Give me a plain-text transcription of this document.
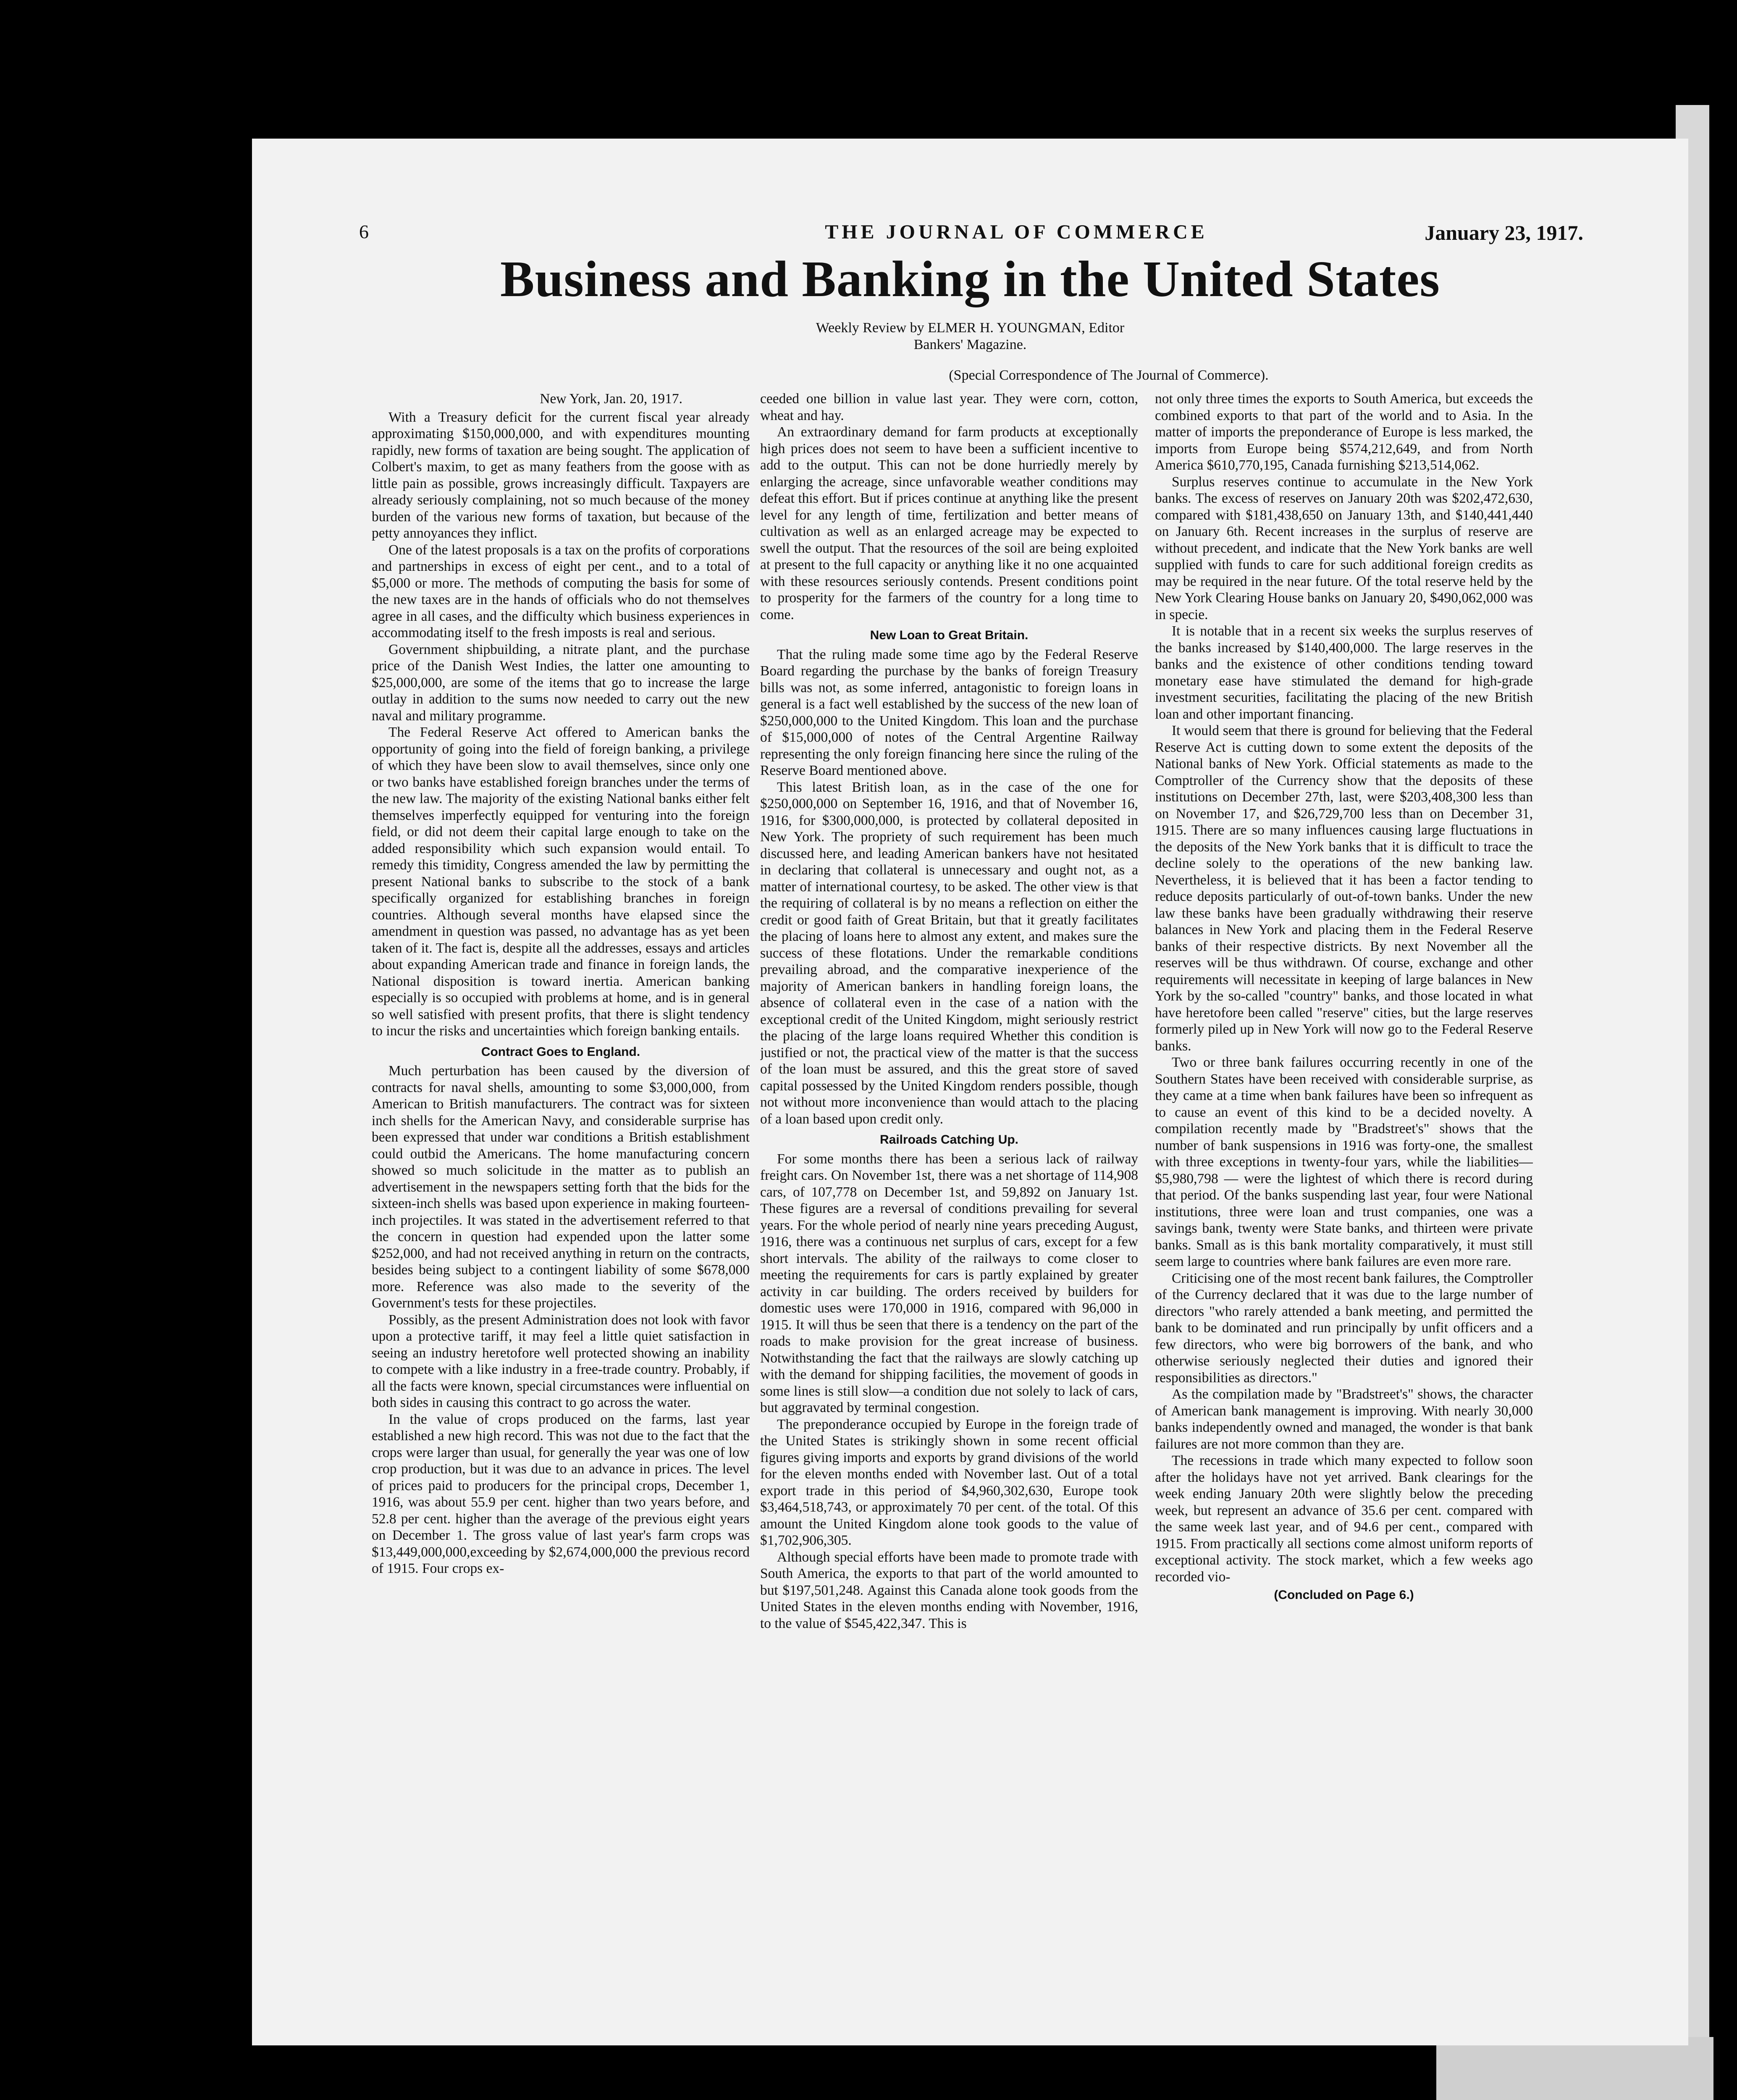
6	THE JOURNAL OF COMMERCE	January 23, 1917.
Business and Banking in the United States
Weekly Review by ELMER H. YOUNGMAN, Editor
Bankers' Magazine.
(Special Correspondence of The Journal of Commerce).

New York, Jan. 20, 1917.

With a Treasury deficit for the current fiscal year already approximating $150,000,000, and with expenditures mounting rapidly, new forms of taxation are being sought. The application of Colbert's maxim, to get as many feathers from the goose with as little pain as possible, grows increasingly difficult. Taxpayers are already seriously complaining, not so much because of the money burden of the various new forms of taxation, but because of the petty annoyances they inflict.

One of the latest proposals is a tax on the profits of corporations and partnerships in excess of eight per cent., and to a total of $5,000 or more. The methods of computing the basis for some of the new taxes are in the hands of officials who do not themselves agree in all cases, and the difficulty which business experiences in accommodating itself to the fresh imposts is real and serious.

Government shipbuilding, a nitrate plant, and the purchase price of the Danish West Indies, the latter one amounting to $25,000,000, are some of the items that go to increase the large outlay in addition to the sums now needed to carry out the new naval and military programme.

The Federal Reserve Act offered to American banks the opportunity of going into the field of foreign banking, a privilege of which they have been slow to avail themselves, since only one or two banks have established foreign branches under the terms of the new law. The majority of the existing National banks either felt themselves imperfectly equipped for venturing into the foreign field, or did not deem their capital large enough to take on the added responsibility which such expansion would entail. To remedy this timidity, Congress amended the law by permitting the present National banks to subscribe to the stock of a bank specifically organized for establishing branches in foreign countries. Although several months have elapsed since the amendment in question was passed, no advantage has as yet been taken of it. The fact is, despite all the addresses, essays and articles about expanding American trade and finance in foreign lands, the National disposition is toward inertia. American banking especially is so occupied with problems at home, and is in general so well satisfied with present profits, that there is slight tendency to incur the risks and uncertainties which foreign banking entails.

Contract Goes to England.

Much perturbation has been caused by the diversion of contracts for naval shells, amounting to some $3,000,000, from American to British manufacturers. The contract was for sixteen inch shells for the American Navy, and considerable surprise has been expressed that under war conditions a British establishment could outbid the Americans. The home manufacturing concern showed so much solicitude in the matter as to publish an advertisement in the newspapers setting forth that the bids for the sixteen-inch shells was based upon experience in making fourteen-inch projectiles. It was stated in the advertisement referred to that the concern in question had expended upon the latter some $252,000, and had not received anything in return on the contracts, besides being subject to a contingent liability of some $678,000 more. Reference was also made to the severity of the Government's tests for these projectiles.

Possibly, as the present Administration does not look with favor upon a protective tariff, it may feel a little quiet satisfaction in seeing an industry heretofore well protected showing an inability to compete with a like industry in a free-trade country. Probably, if all the facts were known, special circumstances were influential on both sides in causing this contract to go across the water.

In the value of crops produced on the farms, last year established a new high record. This was not due to the fact that the crops were larger than usual, for generally the year was one of low crop production, but it was due to an advance in prices. The level of prices paid to producers for the principal crops, December 1, 1916, was about 55.9 per cent. higher than two years before, and 52.8 per cent. higher than the average of the previous eight years on December 1. The gross value of last year's farm crops was $13,449,000,000,exceeding by $2,674,000,000 the previous record of 1915. Four crops ex-

ceeded one billion in value last year. They were corn, cotton, wheat and hay.

An extraordinary demand for farm products at exceptionally high prices does not seem to have been a sufficient incentive to add to the output. This can not be done hurriedly merely by enlarging the acreage, since unfavorable weather conditions may defeat this effort. But if prices continue at anything like the present level for any length of time, fertilization and better means of cultivation as well as an enlarged acreage may be expected to swell the output. That the resources of the soil are being exploited at present to the full capacity or anything like it no one acquainted with these resources seriously contends. Present conditions point to prosperity for the farmers of the country for a long time to come.

New Loan to Great Britain.

That the ruling made some time ago by the Federal Reserve Board regarding the purchase by the banks of foreign Treasury bills was not, as some inferred, antagonistic to foreign loans in general is a fact well established by the success of the new loan of $250,000,000 to the United Kingdom. This loan and the purchase of $15,000,000 of notes of the Central Argentine Railway representing the only foreign financing here since the ruling of the Reserve Board mentioned above.

This latest British loan, as in the case of the one for $250,000,000 on September 16, 1916, and that of November 16, 1916, for $300,000,000, is protected by collateral deposited in New York. The propriety of such requirement has been much discussed here, and leading American bankers have not hesitated in declaring that collateral is unnecessary and ought not, as a matter of international courtesy, to be asked. The other view is that the requiring of collateral is by no means a reflection on either the credit or good faith of Great Britain, but that it greatly facilitates the placing of loans here to almost any extent, and makes sure the success of these flotations. Under the remarkable conditions prevailing abroad, and the comparative inexperience of the majority of American bankers in handling foreign loans, the absence of collateral even in the case of a nation with the exceptional credit of the United Kingdom, might seriously restrict the placing of the large loans required Whether this condition is justified or not, the practical view of the matter is that the success of the loan must be assured, and this the great store of saved capital possessed by the United Kingdom renders possible, though not without more inconvenience than would attach to the placing of a loan based upon credit only.

Railroads Catching Up.

For some months there has been a serious lack of railway freight cars. On November 1st, there was a net shortage of 114,908 cars, of 107,778 on December 1st, and 59,892 on January 1st. These figures are a reversal of conditions prevailing for several years. For the whole period of nearly nine years preceding August, 1916, there was a continuous net surplus of cars, except for a few short intervals. The ability of the railways to come closer to meeting the requirements for cars is partly explained by greater activity in car building. The orders received by builders for domestic uses were 170,000 in 1916, compared with 96,000 in 1915. It will thus be seen that there is a tendency on the part of the roads to make provision for the great increase of business. Notwithstanding the fact that the railways are slowly catching up with the demand for shipping facilities, the movement of goods in some lines is still slow—a condition due not solely to lack of cars, but aggravated by terminal congestion.

The preponderance occupied by Europe in the foreign trade of the United States is strikingly shown in some recent official figures giving imports and exports by grand divisions of the world for the eleven months ended with November last. Out of a total export trade in this period of $4,960,302,630, Europe took $3,464,518,743, or approximately 70 per cent. of the total. Of this amount the United Kingdom alone took goods to the value of $1,702,906,305.

Although special efforts have been made to promote trade with South America, the exports to that part of the world amounted to but $197,501,248. Against this Canada alone took goods from the United States in the eleven months ending with November, 1916, to the value of $545,422,347. This is

not only three times the exports to South America, but exceeds the combined exports to that part of the world and to Asia. In the matter of imports the preponderance of Europe is less marked, the imports from Europe being $574,212,649, and from North America $610,770,195, Canada furnishing $213,514,062.

Surplus reserves continue to accumulate in the New York banks. The excess of reserves on January 20th was $202,472,630, compared with $181,438,650 on January 13th, and $140,441,440 on January 6th. Recent increases in the surplus of reserve are without precedent, and indicate that the New York banks are well supplied with funds to care for such additional foreign credits as may be required in the near future. Of the total reserve held by the New York Clearing House banks on January 20, $490,062,000 was in specie.

It is notable that in a recent six weeks the surplus reserves of the banks increased by $140,400,000. The large reserves in the banks and the existence of other conditions tending toward monetary ease have stimulated the demand for high-grade investment securities, facilitating the placing of the new British loan and other important financing.

It would seem that there is ground for believing that the Federal Reserve Act is cutting down to some extent the deposits of the National banks of New York. Official statements as made to the Comptroller of the Currency show that the deposits of these institutions on December 27th, last, were $203,408,300 less than on November 17, and $26,729,700 less than on December 31, 1915. There are so many influences causing large fluctuations in the deposits of the New York banks that it is difficult to trace the decline solely to the operations of the new banking law. Nevertheless, it is believed that it has been a factor tending to reduce deposits particularly of out-of-town banks. Under the new law these banks have been gradually withdrawing their reserve balances in New York and placing them in the Federal Reserve banks of their respective districts. By next November all the reserves will be thus withdrawn. Of course, exchange and other requirements will necessitate in keeping of large balances in New York by the so-called "country" banks, and those located in what have heretofore been called "reserve" cities, but the large reserves formerly piled up in New York will now go to the Federal Reserve banks.

Two or three bank failures occurring recently in one of the Southern States have been received with considerable surprise, as they came at a time when bank failures have been so infrequent as to cause an event of this kind to be a decided novelty. A compilation recently made by "Bradstreet's" shows that the number of bank suspensions in 1916 was forty-one, the smallest with three exceptions in twenty-four yars, while the liabilities—$5,980,798 — were the lightest of which there is record during that period. Of the banks suspending last year, four were National institutions, three were loan and trust companies, one was a savings bank, twenty were State banks, and thirteen were private banks. Small as is this bank mortality comparatively, it must still seem large to countries where bank failures are even more rare.

Criticising one of the most recent bank failures, the Comptroller of the Currency declared that it was due to the large number of directors "who rarely attended a bank meeting, and permitted the bank to be dominated and run principally by unfit officers and a few directors, who were big borrowers of the bank, and who otherwise seriously neglected their duties and ignored their responsibilities as directors."

As the compilation made by "Bradstreet's" shows, the character of American bank management is improving. With nearly 30,000 banks independently owned and managed, the wonder is that bank failures are not more common than they are.

The recessions in trade which many expected to follow soon after the holidays have not yet arrived. Bank clearings for the week ending January 20th were slightly below the preceding week, but represent an advance of 35.6 per cent. compared with the same week last year, and of 94.6 per cent., compared with 1915. From practically all sections come almost uniform reports of exceptional activity. The stock market, which a few weeks ago recorded vio-

(Concluded on Page 6.)
